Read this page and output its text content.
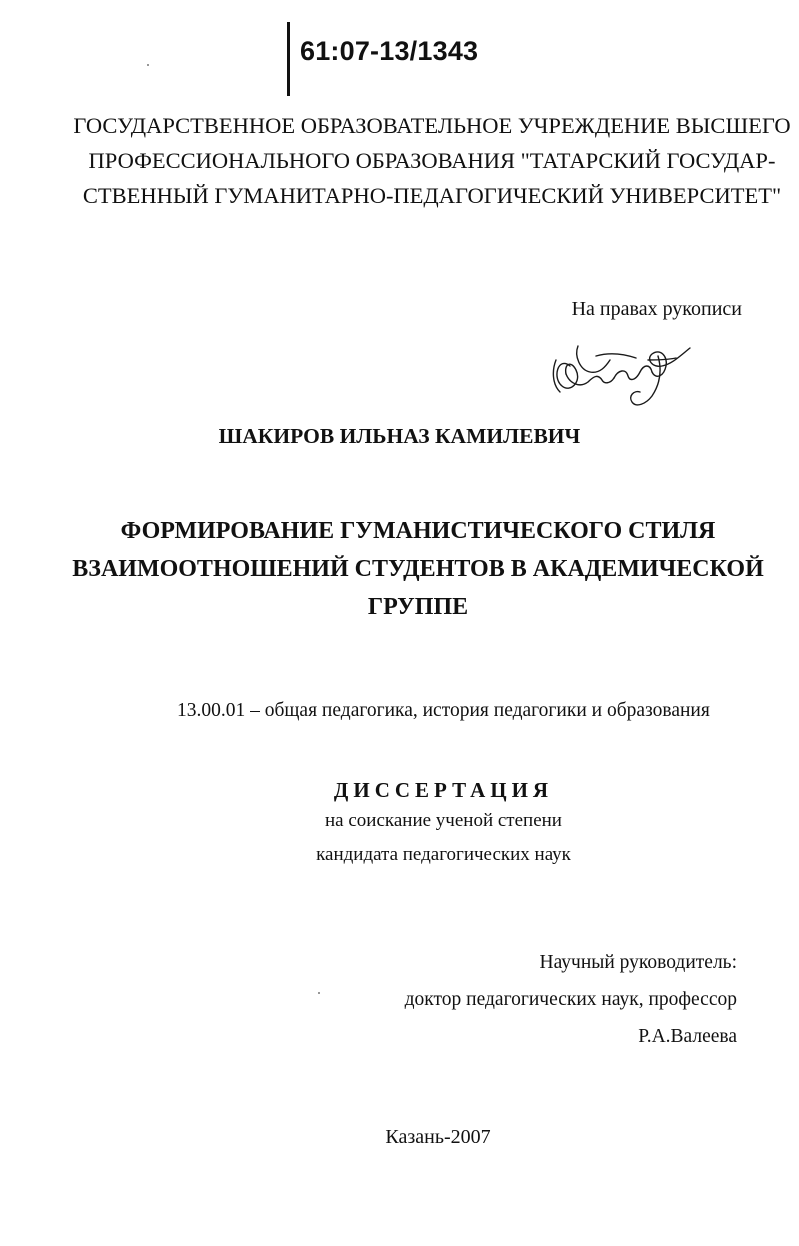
61:07-13/1343
ГОСУДАРСТВЕННОЕ ОБРАЗОВАТЕЛЬНОЕ УЧРЕЖДЕНИЕ ВЫСШЕГО
ПРОФЕССИОНАЛЬНОГО ОБРАЗОВАНИЯ "ТАТАРСКИЙ ГОСУДАР-
СТВЕННЫЙ ГУМАНИТАРНО-ПЕДАГОГИЧЕСКИЙ УНИВЕРСИТЕТ"
На правах рукописи
ШАКИРОВ ИЛЬНАЗ КАМИЛЕВИЧ
ФОРМИРОВАНИЕ ГУМАНИСТИЧЕСКОГО СТИЛЯ
ВЗАИМООТНОШЕНИЙ СТУДЕНТОВ В АКАДЕМИЧЕСКОЙ
ГРУППЕ
13.00.01 – общая педагогика, история педагогики и образования
ДИССЕРТАЦИЯ
на соискание ученой степени
кандидата педагогических наук
Научный руководитель:
доктор педагогических наук, профессор
Р.А.Валеева
Казань-2007
